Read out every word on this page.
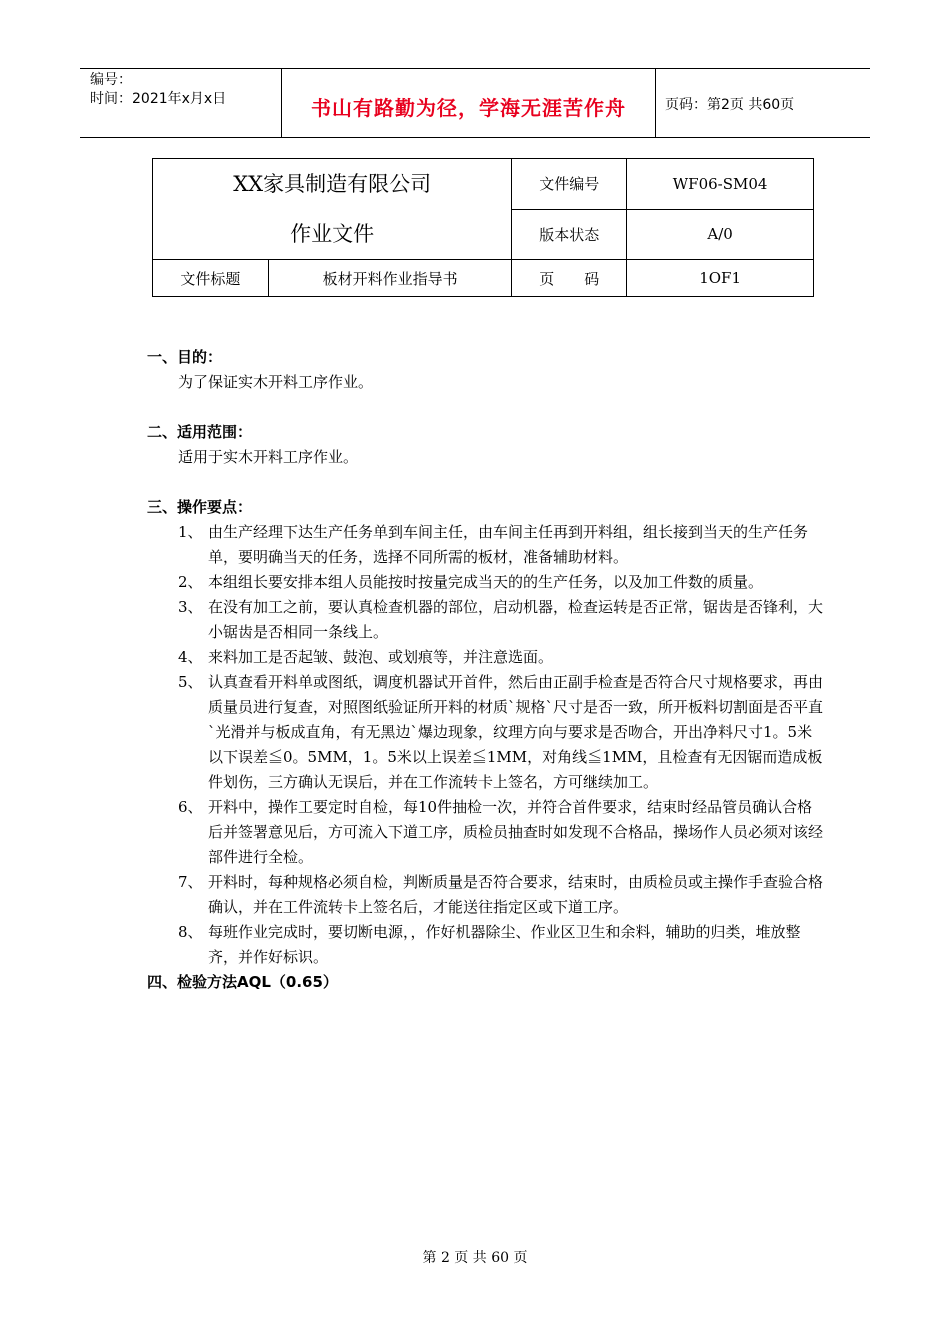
编号：
时间：2021年x月x日	书山有路勤为径，学海无涯苦作舟	页码：第2页 共60页
XX家具制造有限公司
作业文件		文件编号	WF06-SM04
		版本状态	A/0
文件标题	板材开料作业指导书	页　　码	1OF1
一、目的：
为了保证实木开料工序作业。
二、适用范围：
适用于实木开料工序作业。
三、操作要点：
1、 由生产经理下达生产任务单到车间主任，由车间主任再到开料组，组长接到当天的生产任务单，要明确当天的任务，选择不同所需的板材，准备辅助材料。
2、 本组组长要安排本组人员能按时按量完成当天的的生产任务，以及加工件数的质量。
3、 在没有加工之前，要认真检查机器的部位，启动机器，检查运转是否正常，锯齿是否锋利，大小锯齿是否相同一条线上。
4、 来料加工是否起皱、鼓泡、或划痕等，并注意选面。
5、 认真查看开料单或图纸，调度机器试开首件，然后由正副手检查是否符合尺寸规格要求，再由质量员进行复查，对照图纸验证所开料的材质`规格`尺寸是否一致，所开板料切割面是否平直`光滑并与板成直角，有无黑边`爆边现象，纹理方向与要求是否吻合，开出净料尺寸1。5米以下误差≦0。5MM，1。5米以上误差≦1MM，对角线≦1MM，且检查有无因锯而造成板件划伤，三方确认无误后，并在工作流转卡上签名，方可继续加工。
6、 开料中，操作工要定时自检，每10件抽检一次，并符合首件要求，结束时经品管员确认合格后并签署意见后，方可流入下道工序，质检员抽查时如发现不合格品，操场作人员必须对该经部件进行全检。
7、 开料时，每种规格必须自检，判断质量是否符合要求，结束时，由质检员或主操作手查验合格确认，并在工件流转卡上签名后，才能送往指定区或下道工序。
8、 每班作业完成时，要切断电源，，作好机器除尘、作业区卫生和余料，辅助的归类，堆放整齐，并作好标识。
四、检验方法AQL（0.65）
第 2 页 共 60 页
